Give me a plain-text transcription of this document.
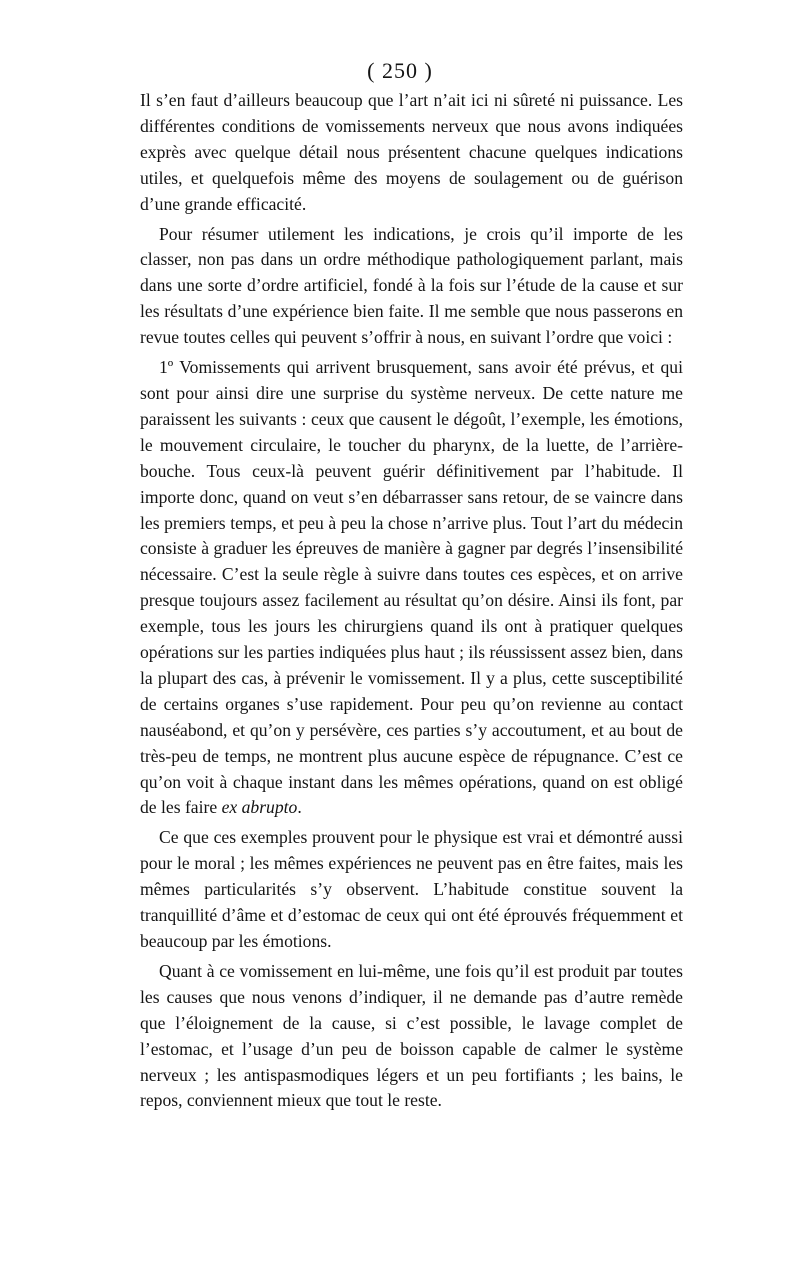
( 250 )

Il s’en faut d’ailleurs beaucoup que l’art n’ait ici ni sûreté ni puissance. Les différentes conditions de vomissements nerveux que nous avons indiquées exprès avec quelque détail nous présentent chacune quelques indications utiles, et quelquefois même des moyens de soulagement ou de guérison d’une grande efficacité.

Pour résumer utilement les indications, je crois qu’il importe de les classer, non pas dans un ordre méthodique pathologiquement parlant, mais dans une sorte d’ordre artificiel, fondé à la fois sur l’étude de la cause et sur les résultats d’une expérience bien faite. Il me semble que nous passerons en revue toutes celles qui peuvent s’offrir à nous, en suivant l’ordre que voici :

1º Vomissements qui arrivent brusquement, sans avoir été prévus, et qui sont pour ainsi dire une surprise du système nerveux. De cette nature me paraissent les suivants : ceux que causent le dégoût, l’exemple, les émotions, le mouvement circulaire, le toucher du pharynx, de la luette, de l’arrière-bouche. Tous ceux-là peuvent guérir définitivement par l’habitude. Il importe donc, quand on veut s’en débarrasser sans retour, de se vaincre dans les premiers temps, et peu à peu la chose n’arrive plus. Tout l’art du médecin consiste à graduer les épreuves de manière à gagner par degrés l’insensibilité nécessaire. C’est la seule règle à suivre dans toutes ces espèces, et on arrive presque toujours assez facilement au résultat qu’on désire. Ainsi ils font, par exemple, tous les jours les chirurgiens quand ils ont à pratiquer quelques opérations sur les parties indiquées plus haut ; ils réussissent assez bien, dans la plupart des cas, à prévenir le vomissement. Il y a plus, cette susceptibilité de certains organes s’use rapidement. Pour peu qu’on revienne au contact nauséabond, et qu’on y persévère, ces parties s’y accoutument, et au bout de très-peu de temps, ne montrent plus aucune espèce de répugnance. C’est ce qu’on voit à chaque instant dans les mêmes opérations, quand on est obligé de les faire ex abrupto.

Ce que ces exemples prouvent pour le physique est vrai et démontré aussi pour le moral ; les mêmes expériences ne peuvent pas en être faites, mais les mêmes particularités s’y observent. L’habitude constitue souvent la tranquillité d’âme et d’estomac de ceux qui ont été éprouvés fréquemment et beaucoup par les émotions.

Quant à ce vomissement en lui-même, une fois qu’il est produit par toutes les causes que nous venons d’indiquer, il ne demande pas d’autre remède que l’éloignement de la cause, si c’est possible, le lavage complet de l’estomac, et l’usage d’un peu de boisson capable de calmer le système nerveux ; les antispasmodiques légers et un peu fortifiants ; les bains, le repos, conviennent mieux que tout le reste.
